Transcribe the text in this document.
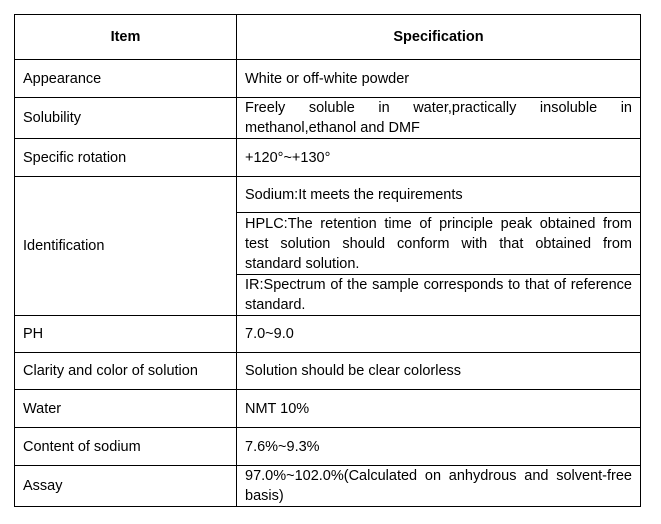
Item	Specification
Appearance	White or off-white powder
Solubility	Freely soluble in water,practically insoluble in methanol,ethanol and DMF
Specific rotation	+120°~+130°
Identification	Sodium:It meets the requirements
	HPLC:The retention time of principle peak obtained from test solution should conform with that obtained from standard solution.
	IR:Spectrum of the sample corresponds to that of reference standard.
PH	7.0~9.0
Clarity and color of solution	Solution should be clear colorless
Water	NMT 10%
Content of sodium	7.6%~9.3%
Assay	97.0%~102.0%(Calculated on anhydrous and solvent-free basis)
